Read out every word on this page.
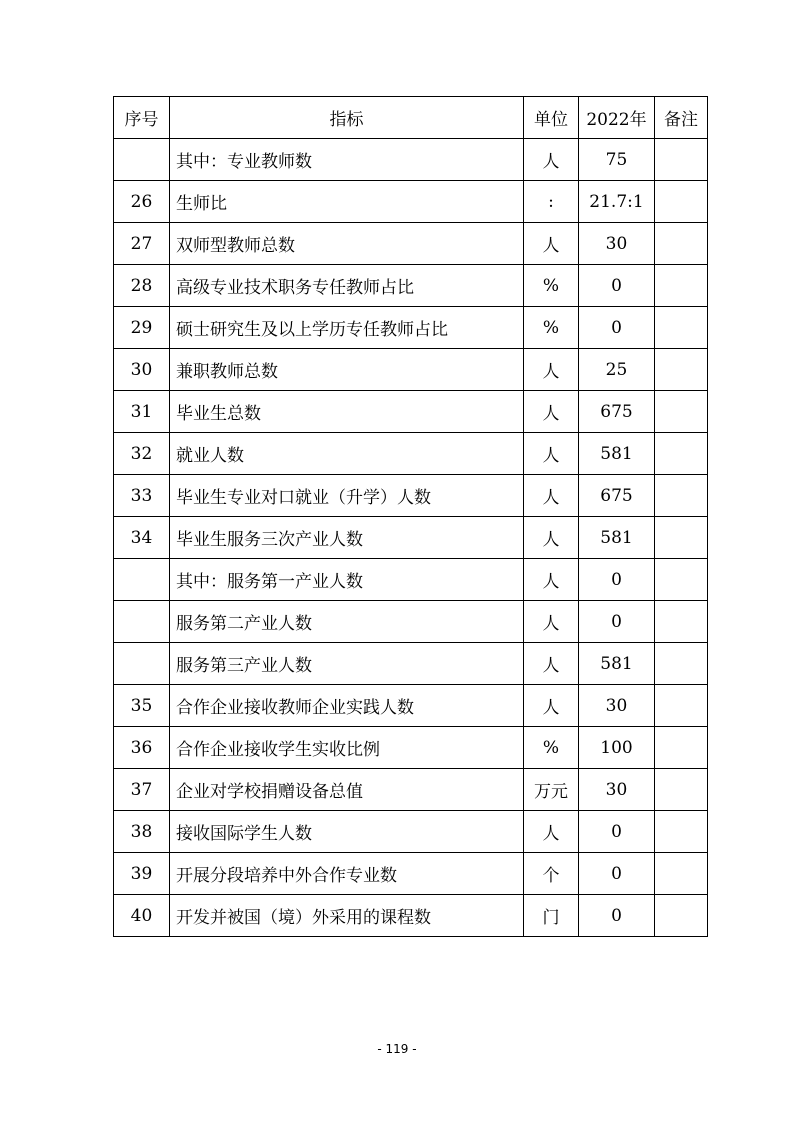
序号	指标	单位	2022年	备注
	其中：专业教师数	人	75	
26	生师比	:	21.7:1	
27	双师型教师总数	人	30	
28	高级专业技术职务专任教师占比	%	0	
29	硕士研究生及以上学历专任教师占比	%	0	
30	兼职教师总数	人	25	
31	毕业生总数	人	675	
32	就业人数	人	581	
33	毕业生专业对口就业（升学）人数	人	675	
34	毕业生服务三次产业人数	人	581	
	其中：服务第一产业人数	人	0	
	服务第二产业人数	人	0	
	服务第三产业人数	人	581	
35	合作企业接收教师企业实践人数	人	30	
36	合作企业接收学生实收比例	%	100	
37	企业对学校捐赠设备总值	万元	30	
38	接收国际学生人数	人	0	
39	开展分段培养中外合作专业数	个	0	
40	开发并被国（境）外采用的课程数	门	0	
- 119 -
